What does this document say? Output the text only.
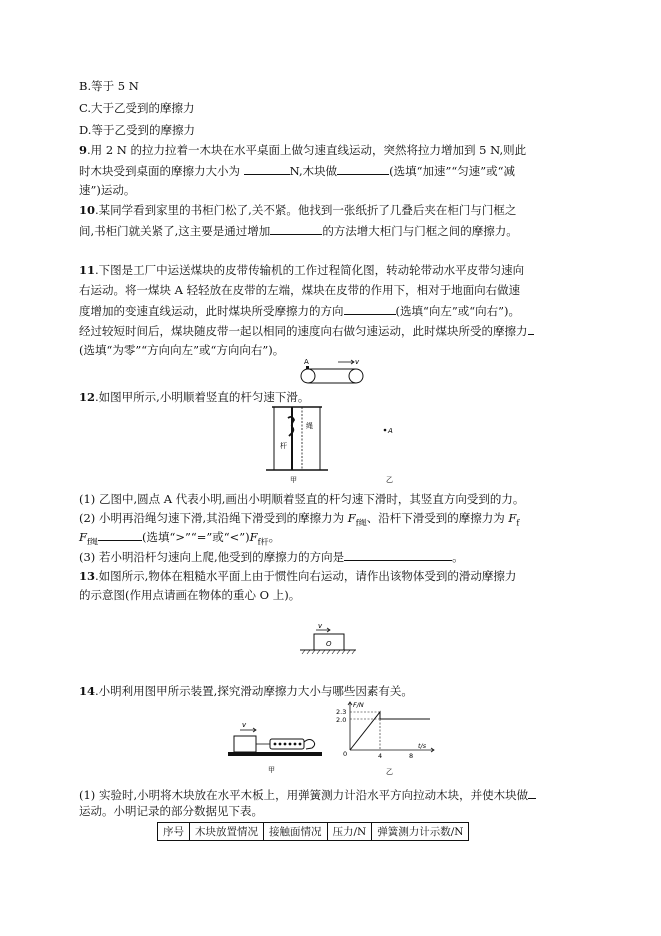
B.等于 5 N
C.大于乙受到的摩擦力
D.等于乙受到的摩擦力
9.用 2 N 的拉力拉着一木块在水平桌面上做匀速直线运动，突然将拉力增加到 5 N,则此
时木块受到桌面的摩擦力大小为	N,木块做	(选填“加速”“匀速”或“减
速”)运动。
10.某同学看到家里的书柜门松了,关不紧。他找到一张纸折了几叠后夹在柜门与门框之
间,书柜门就关紧了,这主要是通过增加	的方法增大柜门与门框之间的摩擦力。
11.下图是工厂中运送煤块的皮带传输机的工作过程简化图，转动轮带动水平皮带匀速向
右运动。将一煤块 A 轻轻放在皮带的左端，煤块在皮带的作用下，相对于地面向右做速
度增加的变速直线运动，此时煤块所受摩擦力的方向	(选填“向左”或“向右”)。
经过较短时间后，煤块随皮带一起以相同的速度向右做匀速运动，此时煤块所受的摩擦力
(选填“为零”“方向向左”或“方向向右”)。
A	v
12.如图甲所示,小明顺着竖直的杆匀速下滑。
杆
绳
甲
A
乙
(1) 乙图中,圆点 A 代表小明,画出小明顺着竖直的杆匀速下滑时，其竖直方向受到的力。
(2) 小明再沿绳匀速下滑,其沿绳下滑受到的摩擦力为 $F_{f绳}$、沿杆下滑受到的摩擦力为 $F_f$
$F_{f绳}$	(选填“>”“=”或“$<”)F_{f杆}$。
(3) 若小明沿杆匀速向上爬,他受到的摩擦力的方向是	。
13.如图所示,物体在粗糙水平面上由于惯性向右运动，请作出该物体受到的滑动摩擦力
的示意图(作用点请画在物体的重心 O 上)。
v
O
14.小明利用图甲所示装置,探究滑动摩擦力大小与哪些因素有关。
v
甲
F/N
t/s
0
2.3
2.0
4	8
乙
(1) 实验时,小明将木块放在水平木板上，用弹簧测力计沿水平方向拉动木块，并使木块做
运动。小明记录的部分数据见下表。
序号	木块放置情况	接触面情况	压力/N	弹簧测力计示数/N
